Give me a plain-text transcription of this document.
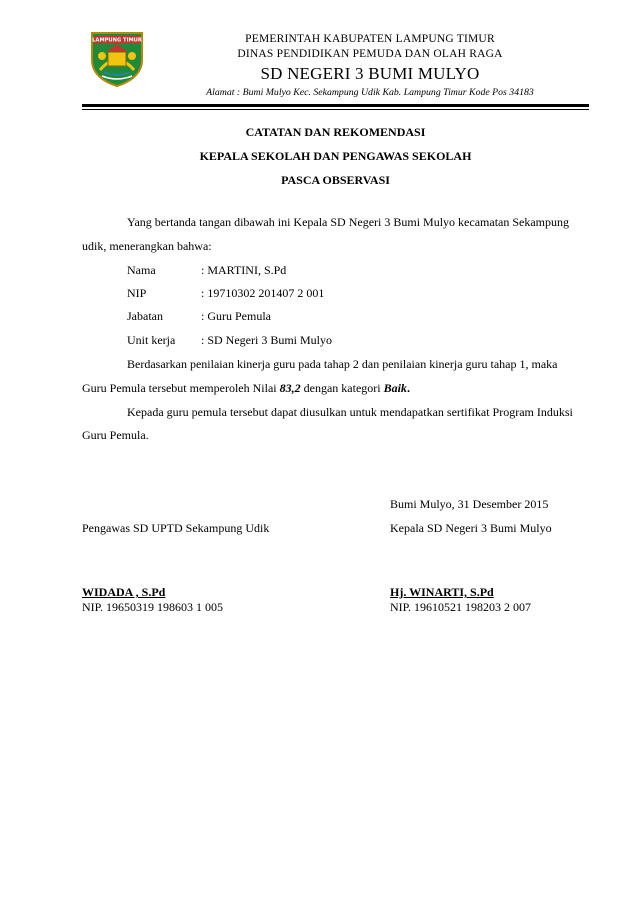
LAMPUNG TIMUR	PEMERINTAH KABUPATEN LAMPUNG TIMUR
DINAS PENDIDIKAN PEMUDA DAN OLAH RAGA
SD NEGERI 3 BUMI MULYO
Alamat : Bumi Mulyo Kec. Sekampung Udik Kab. Lampung Timur Kode Pos 34183
CATATAN DAN REKOMENDASI
KEPALA SEKOLAH DAN PENGAWAS SEKOLAH
PASCA OBSERVASI
Yang bertanda tangan dibawah ini Kepala SD Negeri 3 Bumi Mulyo kecamatan Sekampung
udik, menerangkan bahwa:
Nama	: MARTINI, S.Pd
NIP	: 19710302 201407 2 001
Jabatan	: Guru Pemula
Unit kerja : SD Negeri 3 Bumi Mulyo
Berdasarkan penilaian kinerja guru pada tahap 2 dan penilaian kinerja guru tahap 1, maka
Guru Pemula tersebut memperoleh Nilai 83,2 dengan kategori Baik.
Kepada guru pemula tersebut dapat diusulkan untuk mendapatkan sertifikat Program Induksi
Guru Pemula.
Bumi Mulyo, 31 Desember 2015
Pengawas SD UPTD Sekampung Udik	Kepala SD Negeri 3 Bumi Mulyo
WIDADA , S.Pd
NIP. 19650319 198603 1 005
Hj. WINARTI, S.Pd
NIP. 19610521 198203 2 007
